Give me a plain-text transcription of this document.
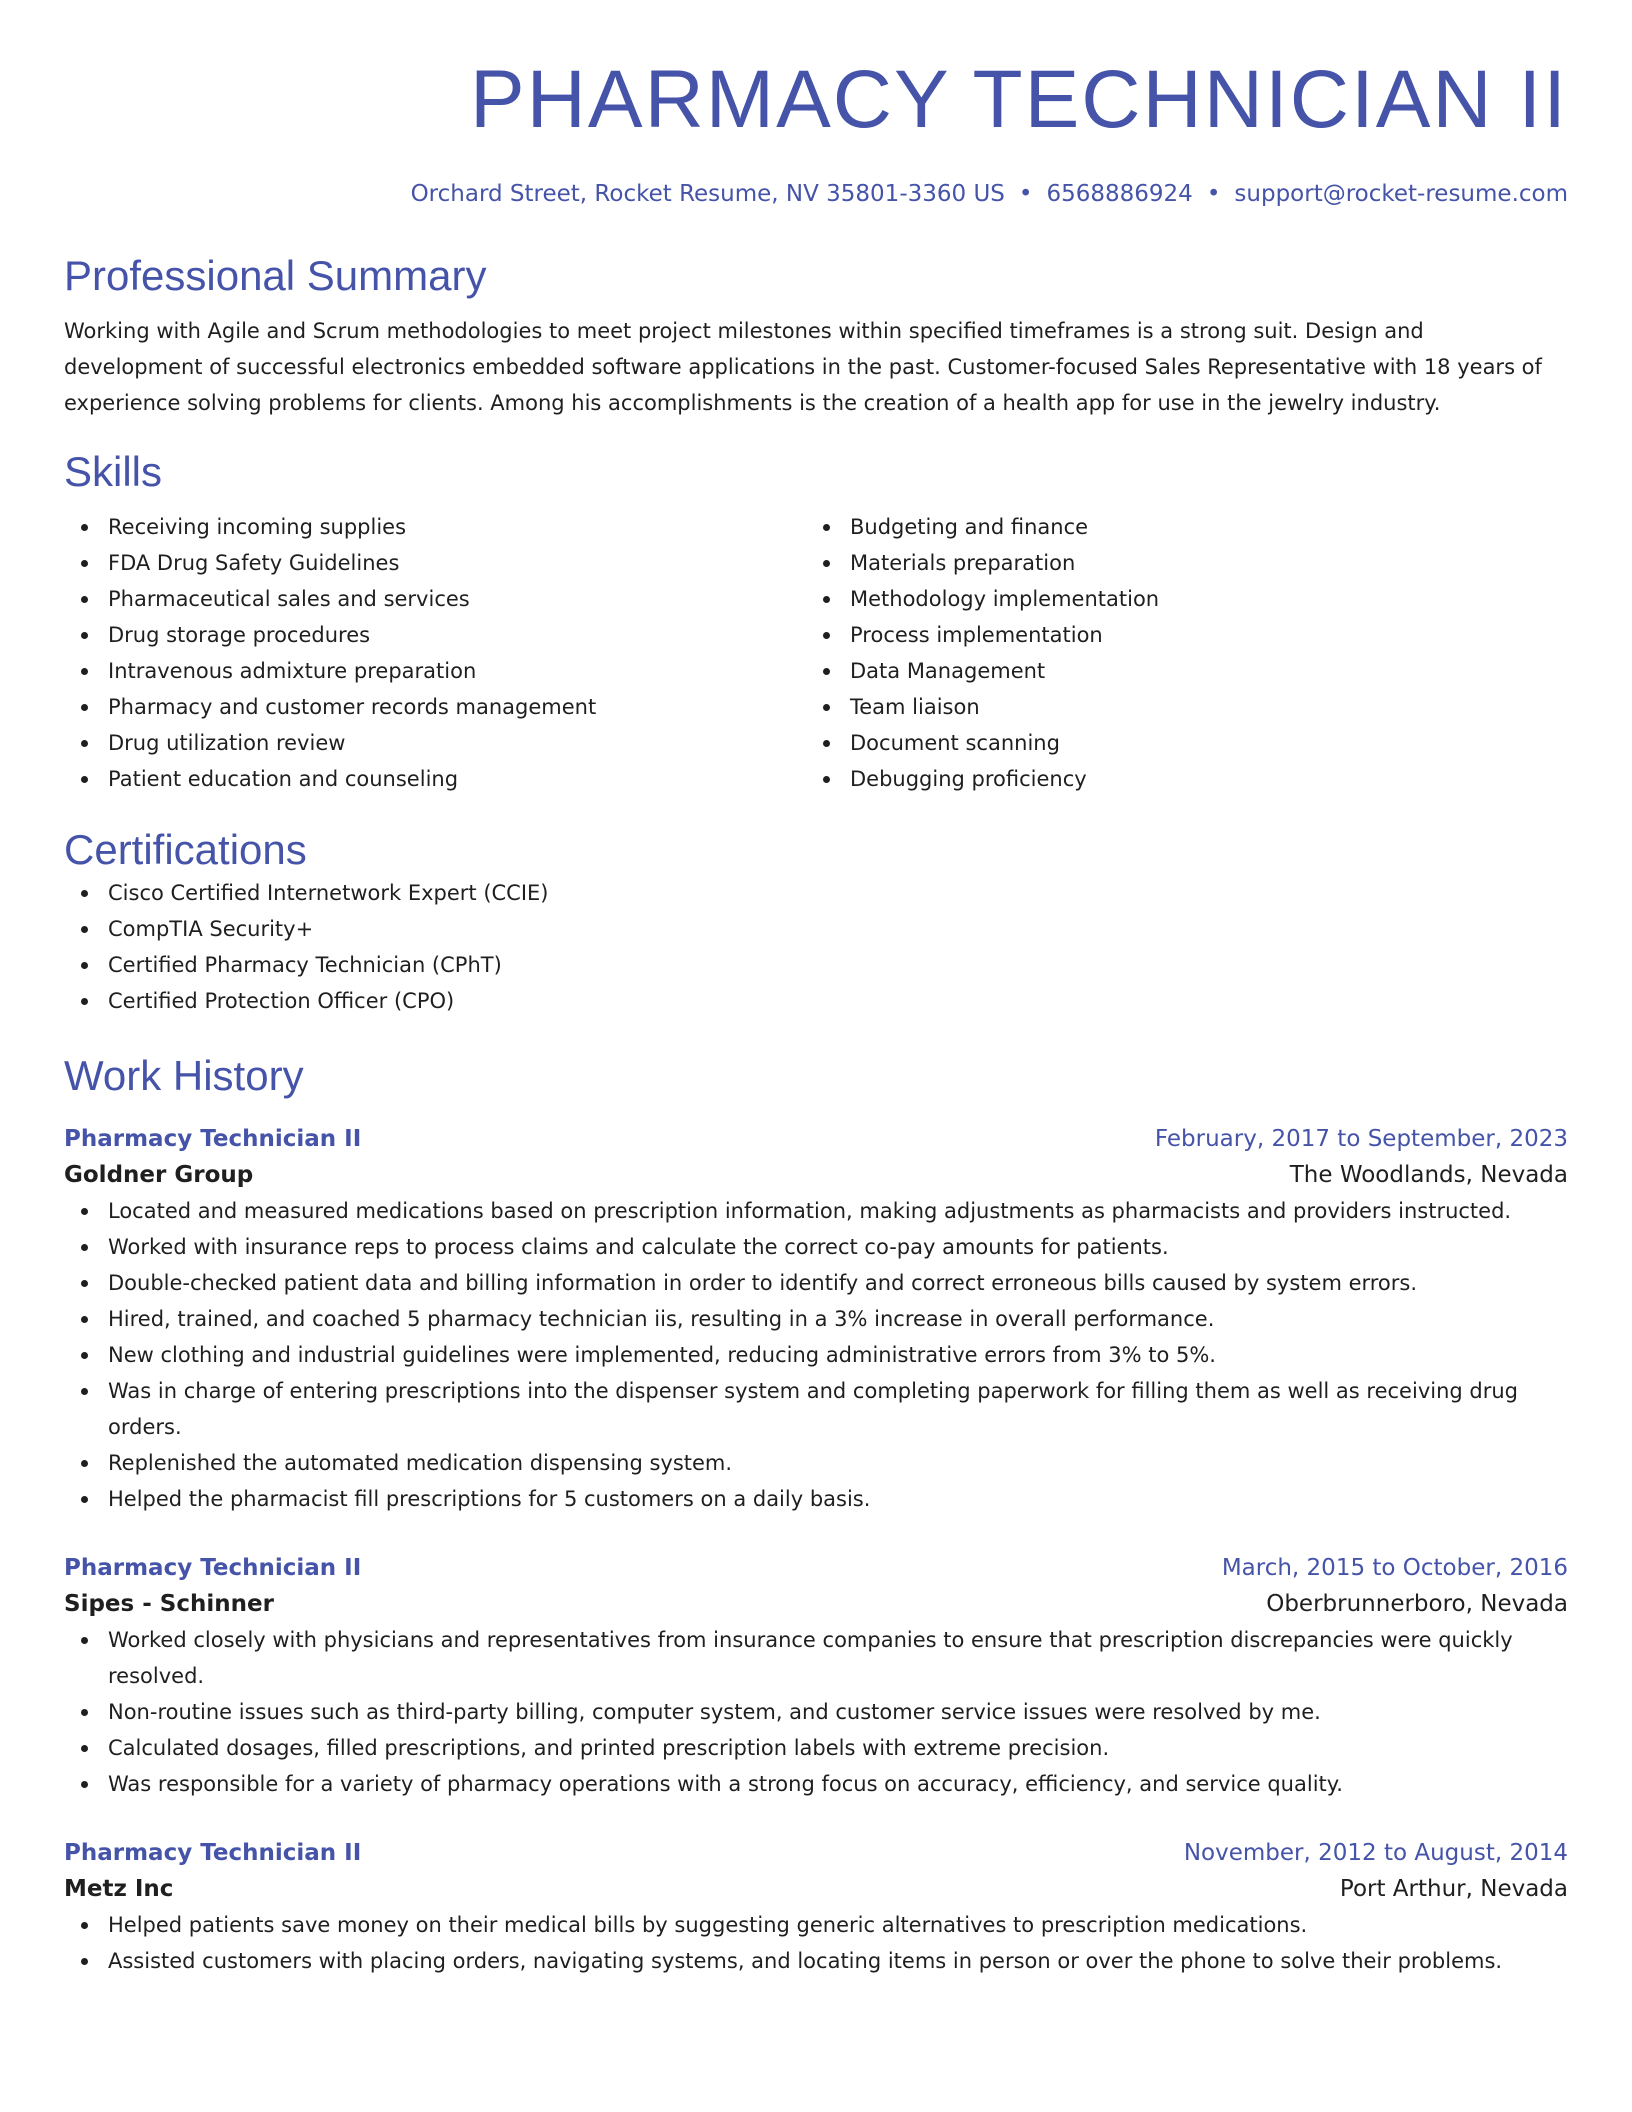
PHARMACY TECHNICIAN II
Orchard Street, Rocket Resume, NV 35801-3360 US • 6568886924 • support@rocket-resume.com
Professional Summary
Working with Agile and Scrum methodologies to meet project milestones within specified timeframes is a strong suit. Design and development of successful electronics embedded software applications in the past. Customer-focused Sales Representative with 18 years of experience solving problems for clients. Among his accomplishments is the creation of a health app for use in the jewelry industry.
Skills
Receiving incoming supplies
FDA Drug Safety Guidelines
Pharmaceutical sales and services
Drug storage procedures
Intravenous admixture preparation
Pharmacy and customer records management
Drug utilization review
Patient education and counseling
Budgeting and finance
Materials preparation
Methodology implementation
Process implementation
Data Management
Team liaison
Document scanning
Debugging proficiency
Certifications
Cisco Certified Internetwork Expert (CCIE)
CompTIA Security+
Certified Pharmacy Technician (CPhT)
Certified Protection Officer (CPO)
Work History
Pharmacy Technician II	February, 2017 to September, 2023
Goldner Group	The Woodlands, Nevada
Located and measured medications based on prescription information, making adjustments as pharmacists and providers instructed.
Worked with insurance reps to process claims and calculate the correct co-pay amounts for patients.
Double-checked patient data and billing information in order to identify and correct erroneous bills caused by system errors.
Hired, trained, and coached 5 pharmacy technician iis, resulting in a 3% increase in overall performance.
New clothing and industrial guidelines were implemented, reducing administrative errors from 3% to 5%.
Was in charge of entering prescriptions into the dispenser system and completing paperwork for filling them as well as receiving drug orders.
Replenished the automated medication dispensing system.
Helped the pharmacist fill prescriptions for 5 customers on a daily basis.
Pharmacy Technician II	March, 2015 to October, 2016
Sipes - Schinner	Oberbrunnerboro, Nevada
Worked closely with physicians and representatives from insurance companies to ensure that prescription discrepancies were quickly resolved.
Non-routine issues such as third-party billing, computer system, and customer service issues were resolved by me.
Calculated dosages, filled prescriptions, and printed prescription labels with extreme precision.
Was responsible for a variety of pharmacy operations with a strong focus on accuracy, efficiency, and service quality.
Pharmacy Technician II	November, 2012 to August, 2014
Metz Inc	Port Arthur, Nevada
Helped patients save money on their medical bills by suggesting generic alternatives to prescription medications.
Assisted customers with placing orders, navigating systems, and locating items in person or over the phone to solve their problems.
